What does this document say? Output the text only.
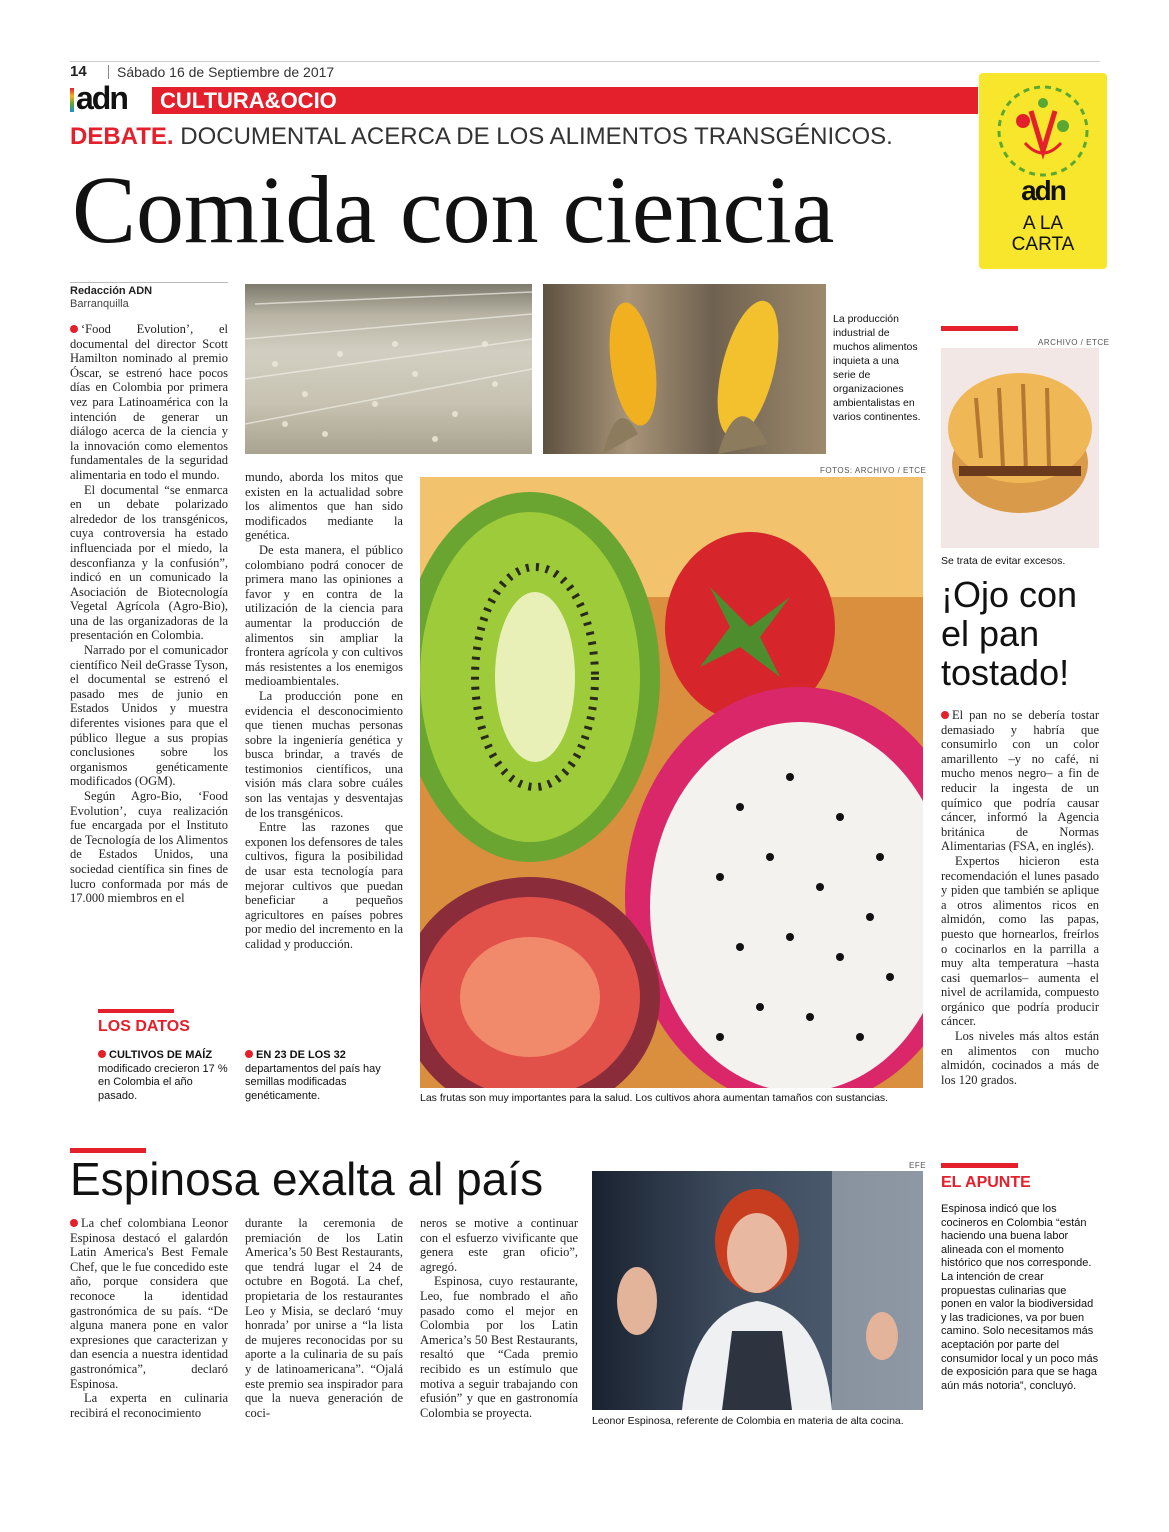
14 Sábado 16 de Septiembre de 2017
adn CULTURA&OCIO
adn
A LA
CARTA
DEBATE. DOCUMENTAL ACERCA DE LOS ALIMENTOS TRANSGÉNICOS.
Comida con ciencia
Redacción ADN
Barranquilla

‘Food Evolution’, el documental del director Scott Hamilton nominado al premio Óscar, se estrenó hace pocos días en Colombia por primera vez para Latinoamérica con la intención de generar un diálogo acerca de la ciencia y la innovación como elementos fundamentales de la seguridad alimentaria en todo el mundo.

El documental “se enmarca en un debate polarizado alrededor de los transgénicos, cuya controversia ha estado influenciada por el miedo, la desconfianza y la confusión”, indicó en un comunicado la Asociación de Biotecnología Vegetal Agrícola (Agro-Bio), una de las organizadoras de la presentación en Colombia.

Narrado por el comunicador científico Neil deGrasse Tyson, el documental se estrenó el pasado mes de junio en Estados Unidos y muestra diferentes visiones para que el público llegue a sus propias conclusiones sobre los organismos genéticamente modificados (OGM).

Según Agro-Bio, ‘Food Evolution’, cuya realización fue encargada por el Instituto de Tecnología de los Alimentos de Estados Unidos, una sociedad científica sin fines de lucro conformada por más de 17.000 miembros en el

La producción industrial de muchos alimentos inquieta a una serie de organizaciones ambientalistas en varios continentes.

mundo, aborda los mitos que existen en la actualidad sobre los alimentos que han sido modificados mediante la genética.

De esta manera, el público colombiano podrá conocer de primera mano las opiniones a favor y en contra de la utilización de la ciencia para aumentar la producción de alimentos sin ampliar la frontera agrícola y con cultivos más resistentes a los enemigos medioambientales.

La producción pone en evidencia el desconocimiento que tienen muchas personas sobre la ingeniería genética y busca brindar, a través de testimonios científicos, una visión más clara sobre cuáles son las ventajas y desventajas de los transgénicos.

Entre las razones que exponen los defensores de tales cultivos, figura la posibilidad de usar esta tecnología para mejorar cultivos que puedan beneficiar a pequeños agricultores en países pobres por medio del incremento en la calidad y producción.

FOTOS: ARCHIVO / ETCE
Las frutas son muy importantes para la salud. Los cultivos ahora aumentan tamaños con sustancias.
LOS DATOS
CULTIVOS DE MAÍZ modificado crecieron 17 % en Colombia el año pasado.
EN 23 DE LOS 32 departamentos del país hay semillas modificadas genéticamente.
ARCHIVO / ETCE
Se trata de evitar excesos.
¡Ojo con
el pan
tostado!

El pan no se debería tostar demasiado y habría que consumirlo con un color amarillento –y no café, ni mucho menos negro– a fin de reducir la ingesta de un químico que podría causar cáncer, informó la Agencia británica de Normas Alimentarias (FSA, en inglés).

Expertos hicieron esta recomendación el lunes pasado y piden que también se aplique a otros alimentos ricos en almidón, como las papas, puesto que hornearlos, freírlos o cocinarlos en la parrilla a muy alta temperatura –hasta casi quemarlos– aumenta el nivel de acrilamida, compuesto orgánico que podría producir cáncer.

Los niveles más altos están en alimentos con mucho almidón, cocinados a más de los 120 grados.

Espinosa exalta al país

La chef colombiana Leonor Espinosa destacó el galardón Latin America's Best Female Chef, que le fue concedido este año, porque considera que reconoce la identidad gastronómica de su país. “De alguna manera pone en valor expresiones que caracterizan y dan esencia a nuestra identidad gastronómica”, declaró Espinosa.

La experta en culinaria recibirá el reconocimiento

durante la ceremonia de premiación de los Latin America’s 50 Best Restaurants, que tendrá lugar el 24 de octubre en Bogotá. La chef, propietaria de los restaurantes Leo y Misia, se declaró ‘muy honrada’ por unirse a “la lista de mujeres reconocidas por su aporte a la culinaria de su país y de latinoamericana”. “Ojalá este premio sea inspirador para que la nueva generación de coci-

neros se motive a continuar con el esfuerzo vivificante que genera este gran oficio”, agregó.

Espinosa, cuyo restaurante, Leo, fue nombrado el año pasado como el mejor en Colombia por los Latin America’s 50 Best Restaurants, resaltó que “Cada premio recibido es un estímulo que motiva a seguir trabajando con efusión” y que en gastronomía Colombia se proyecta.

EFE
Leonor Espinosa, referente de Colombia en materia de alta cocina.
EL APUNTE
Espinosa indicó que los cocineros en Colombia “están haciendo una buena labor alineada con el momento histórico que nos corresponde. La intención de crear propuestas culinarias que ponen en valor la biodiversidad y las tradiciones, va por buen camino. Solo necesitamos más aceptación por parte del consumidor local y un poco más de exposición para que se haga aún más notoria”, concluyó.
